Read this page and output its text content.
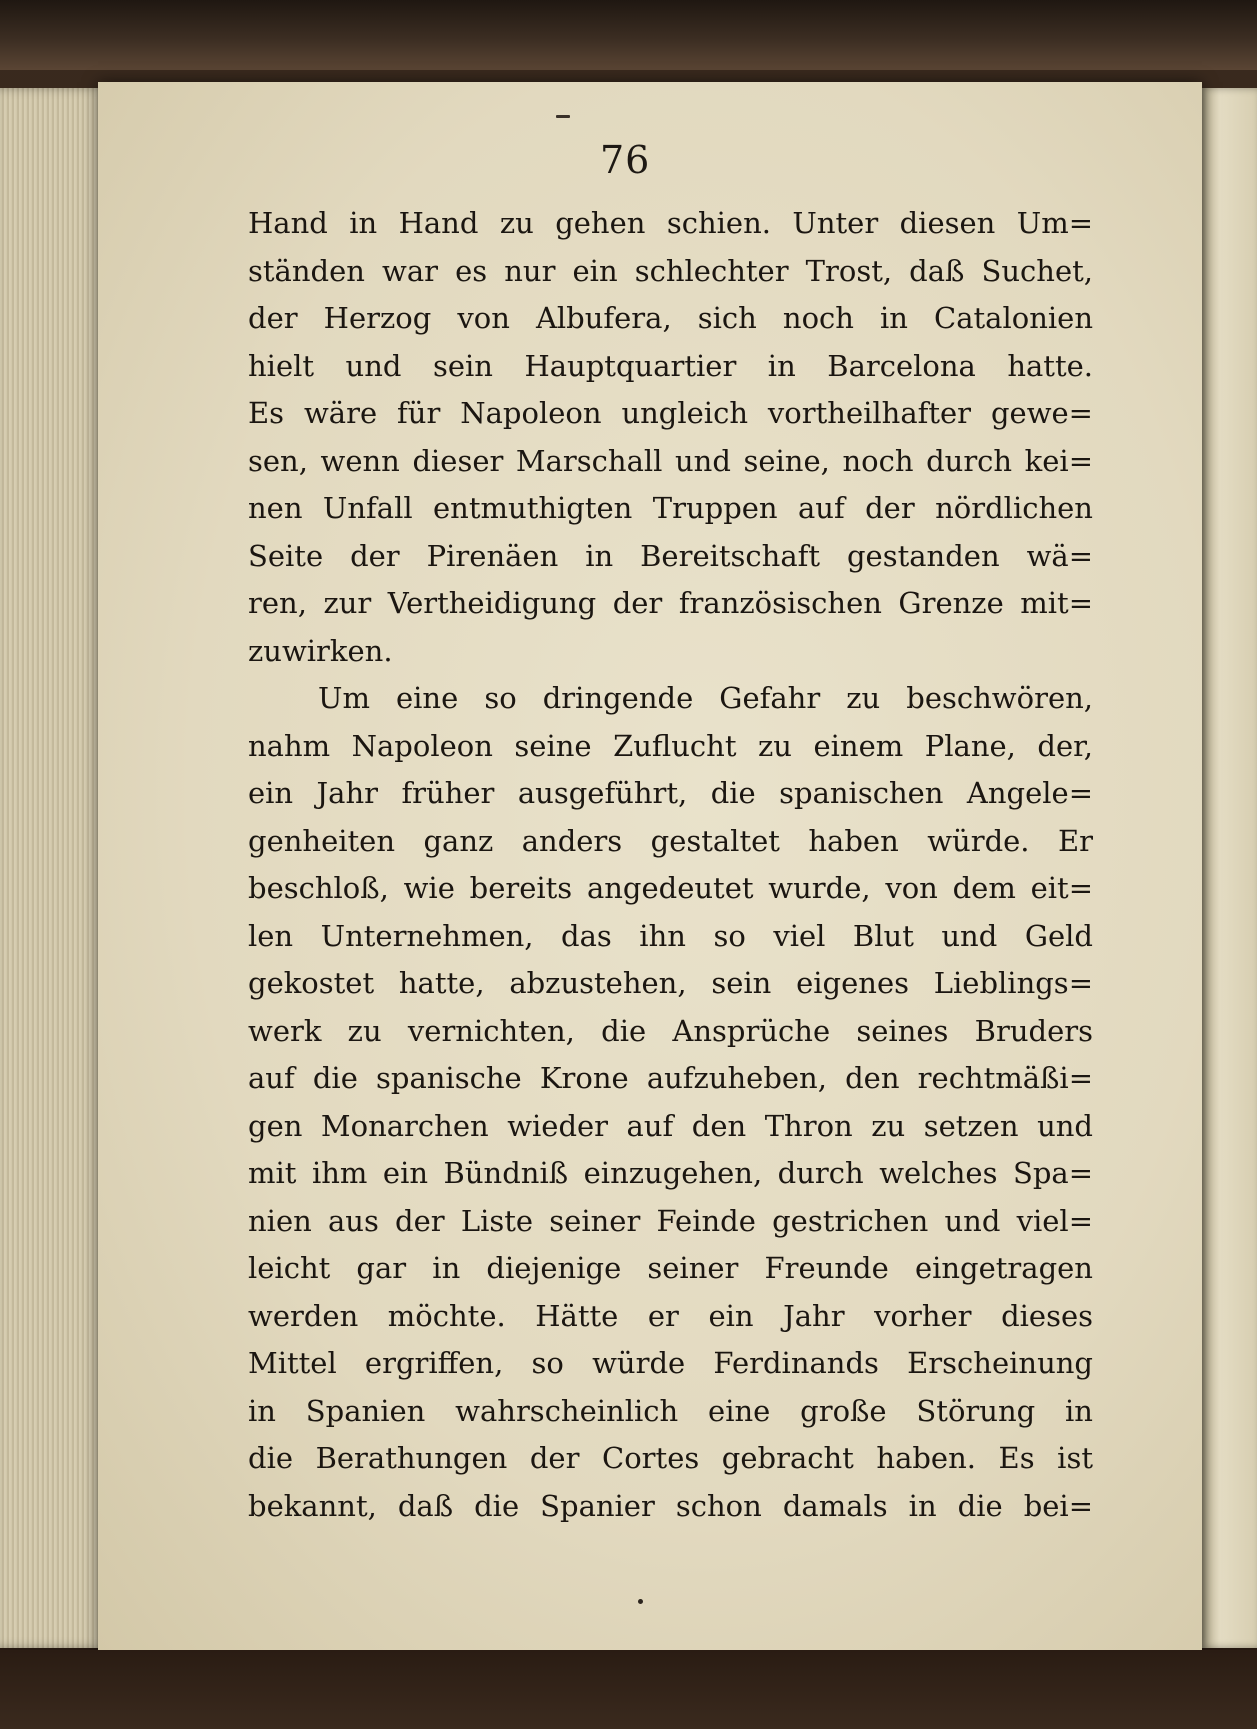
76
Hand in Hand zu gehen schien. Unter diesen Um=
ständen war es nur ein schlechter Trost, daß Suchet,
der Herzog von Albufera, sich noch in Catalonien
hielt und sein Hauptquartier in Barcelona hatte.
Es wäre für Napoleon ungleich vortheilhafter gewe=
sen, wenn dieser Marschall und seine, noch durch kei=
nen Unfall entmuthigten Truppen auf der nördlichen
Seite der Pirenäen in Bereitschaft gestanden wä=
ren, zur Vertheidigung der französischen Grenze mit=
zuwirken.
Um eine so dringende Gefahr zu beschwören,
nahm Napoleon seine Zuflucht zu einem Plane, der,
ein Jahr früher ausgeführt, die spanischen Angele=
genheiten ganz anders gestaltet haben würde. Er
beschloß, wie bereits angedeutet wurde, von dem eit=
len Unternehmen, das ihn so viel Blut und Geld
gekostet hatte, abzustehen, sein eigenes Lieblings=
werk zu vernichten, die Ansprüche seines Bruders
auf die spanische Krone aufzuheben, den rechtmäßi=
gen Monarchen wieder auf den Thron zu setzen und
mit ihm ein Bündniß einzugehen, durch welches Spa=
nien aus der Liste seiner Feinde gestrichen und viel=
leicht gar in diejenige seiner Freunde eingetragen
werden möchte. Hätte er ein Jahr vorher dieses
Mittel ergriffen, so würde Ferdinands Erscheinung
in Spanien wahrscheinlich eine große Störung in
die Berathungen der Cortes gebracht haben. Es ist
bekannt, daß die Spanier schon damals in die bei=
